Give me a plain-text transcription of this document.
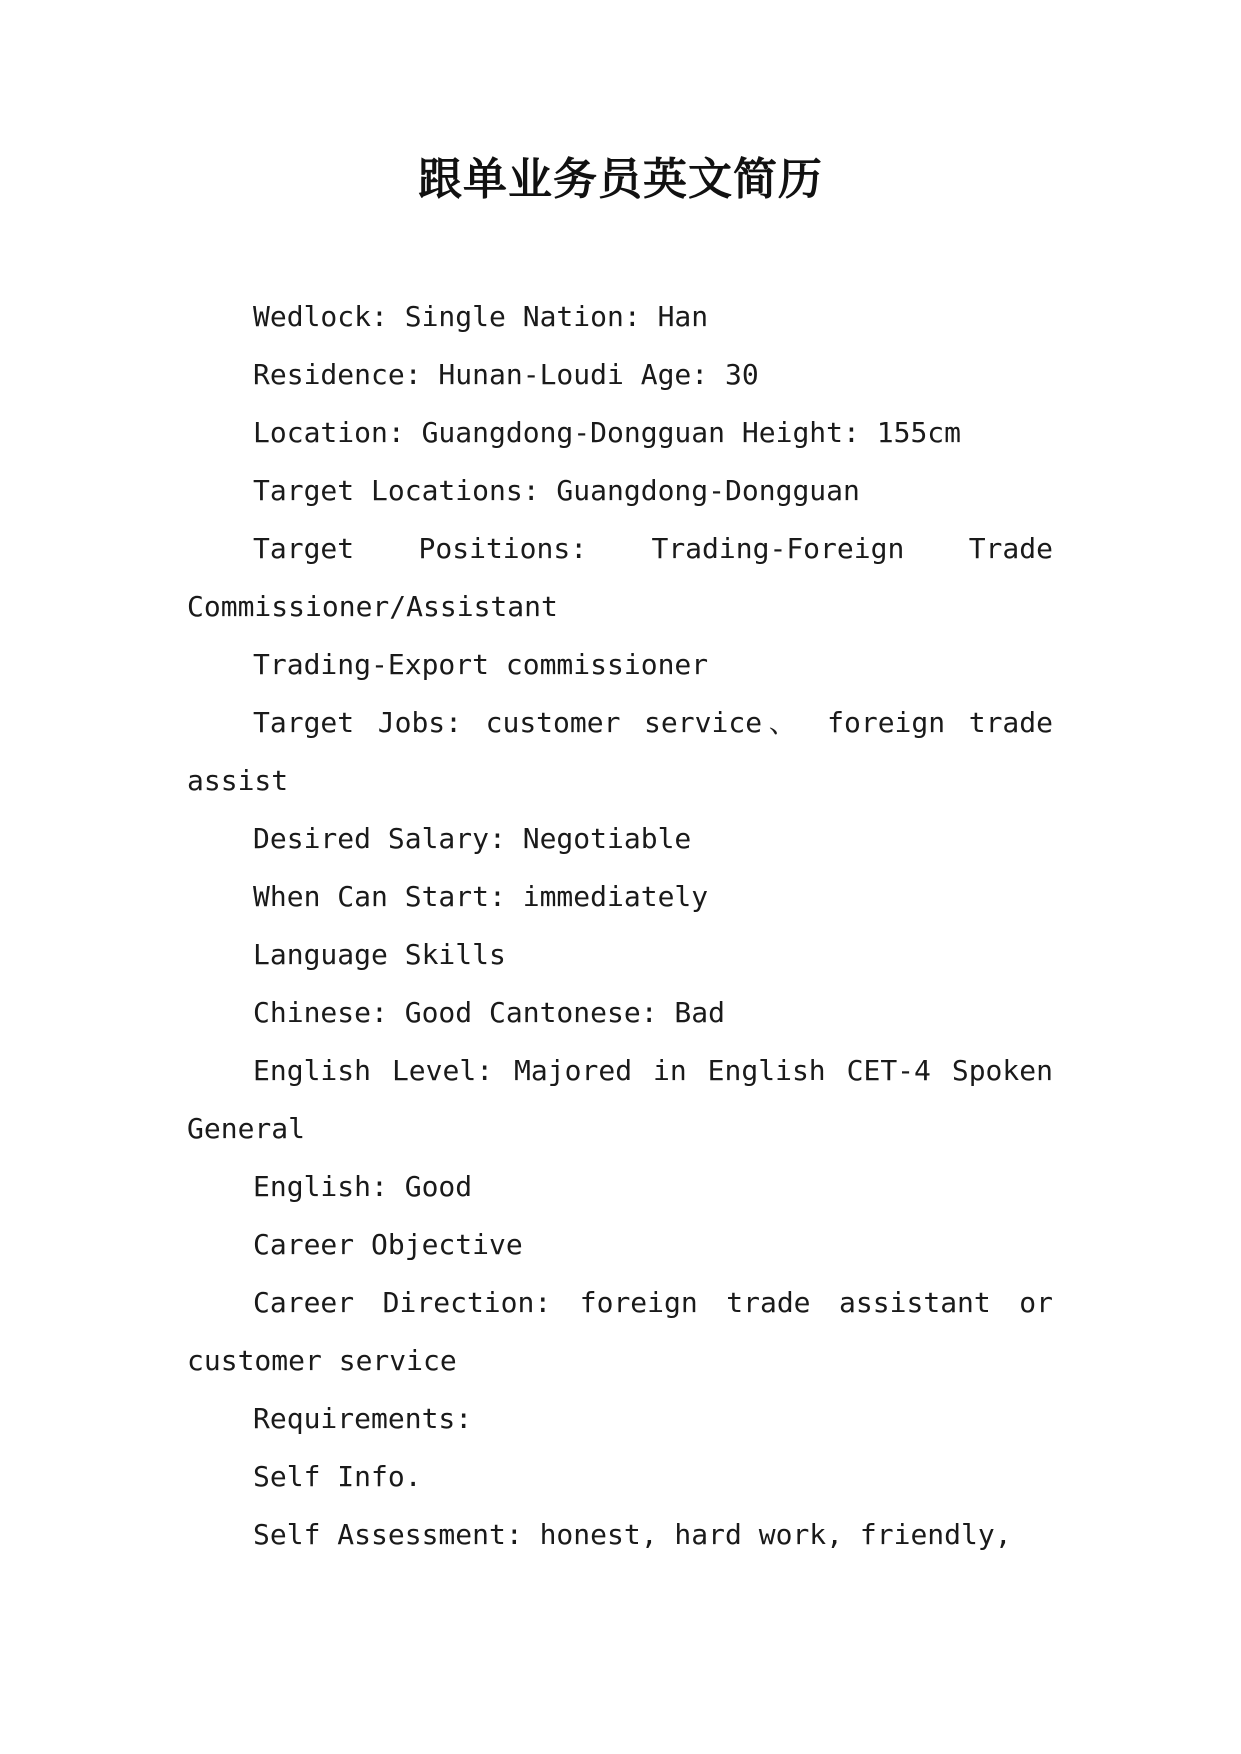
跟单业务员英文简历

Wedlock: Single Nation: Han

Residence: Hunan-Loudi Age: 30

Location: Guangdong-Dongguan Height: 155cm

Target Locations: Guangdong-Dongguan

Target Positions: Trading-Foreign Trade Commissioner/Assistant

Trading-Export commissioner

Target Jobs: customer service、 foreign trade assist

Desired Salary: Negotiable

When Can Start: immediately

Language Skills

Chinese: Good Cantonese: Bad

English Level: Majored in English CET-4 Spoken General

English: Good

Career Objective

Career Direction: foreign trade assistant or customer service

Requirements:

Self Info.

Self Assessment: honest, hard work, friendly,
